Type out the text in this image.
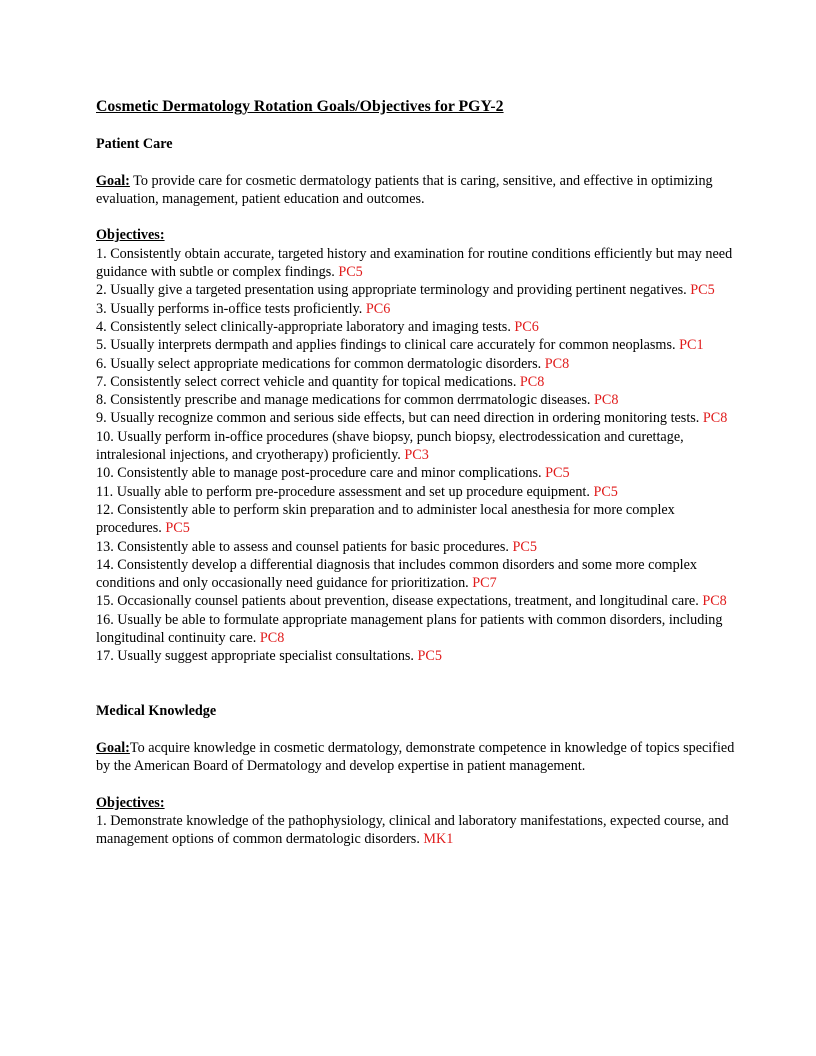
Cosmetic Dermatology Rotation Goals/Objectives for PGY-2
Patient Care

Goal: To provide care for cosmetic dermatology patients that is caring, sensitive, and effective in optimizing evaluation, management, patient education and outcomes.

Objectives:

1. Consistently obtain accurate, targeted history and examination for routine conditions efficiently but may need guidance with subtle or complex findings. PC5

2. Usually give a targeted presentation using appropriate terminology and providing pertinent negatives. PC5

3. Usually performs in-office tests proficiently. PC6

4. Consistently select clinically-appropriate laboratory and imaging tests. PC6

5. Usually interprets dermpath and applies findings to clinical care accurately for common neoplasms. PC1

6. Usually select appropriate medications for common dermatologic disorders. PC8

7. Consistently select correct vehicle and quantity for topical medications. PC8

8. Consistently prescribe and manage medications for common derrmatologic diseases. PC8

9. Usually recognize common and serious side effects, but can need direction in ordering monitoring tests. PC8

10. Usually perform in-office procedures (shave biopsy, punch biopsy, electrodessication and curettage, intralesional injections, and cryotherapy) proficiently. PC3

10. Consistently able to manage post-procedure care and minor complications. PC5

11. Usually able to perform pre-procedure assessment and set up procedure equipment. PC5

12. Consistently able to perform skin preparation and to administer local anesthesia for more complex procedures. PC5

13. Consistently able to assess and counsel patients for basic procedures. PC5

14. Consistently develop a differential diagnosis that includes common disorders and some more complex conditions and only occasionally need guidance for prioritization. PC7

15. Occasionally counsel patients about prevention, disease expectations, treatment, and longitudinal care. PC8

16. Usually be able to formulate appropriate management plans for patients with common disorders, including longitudinal continuity care. PC8

17. Usually suggest appropriate specialist consultations. PC5

Medical Knowledge

Goal:To acquire knowledge in cosmetic dermatology, demonstrate competence in knowledge of topics specified by the American Board of Dermatology and develop expertise in patient management.

Objectives:

1. Demonstrate knowledge of the pathophysiology, clinical and laboratory manifestations, expected course, and management options of common dermatologic disorders. MK1
